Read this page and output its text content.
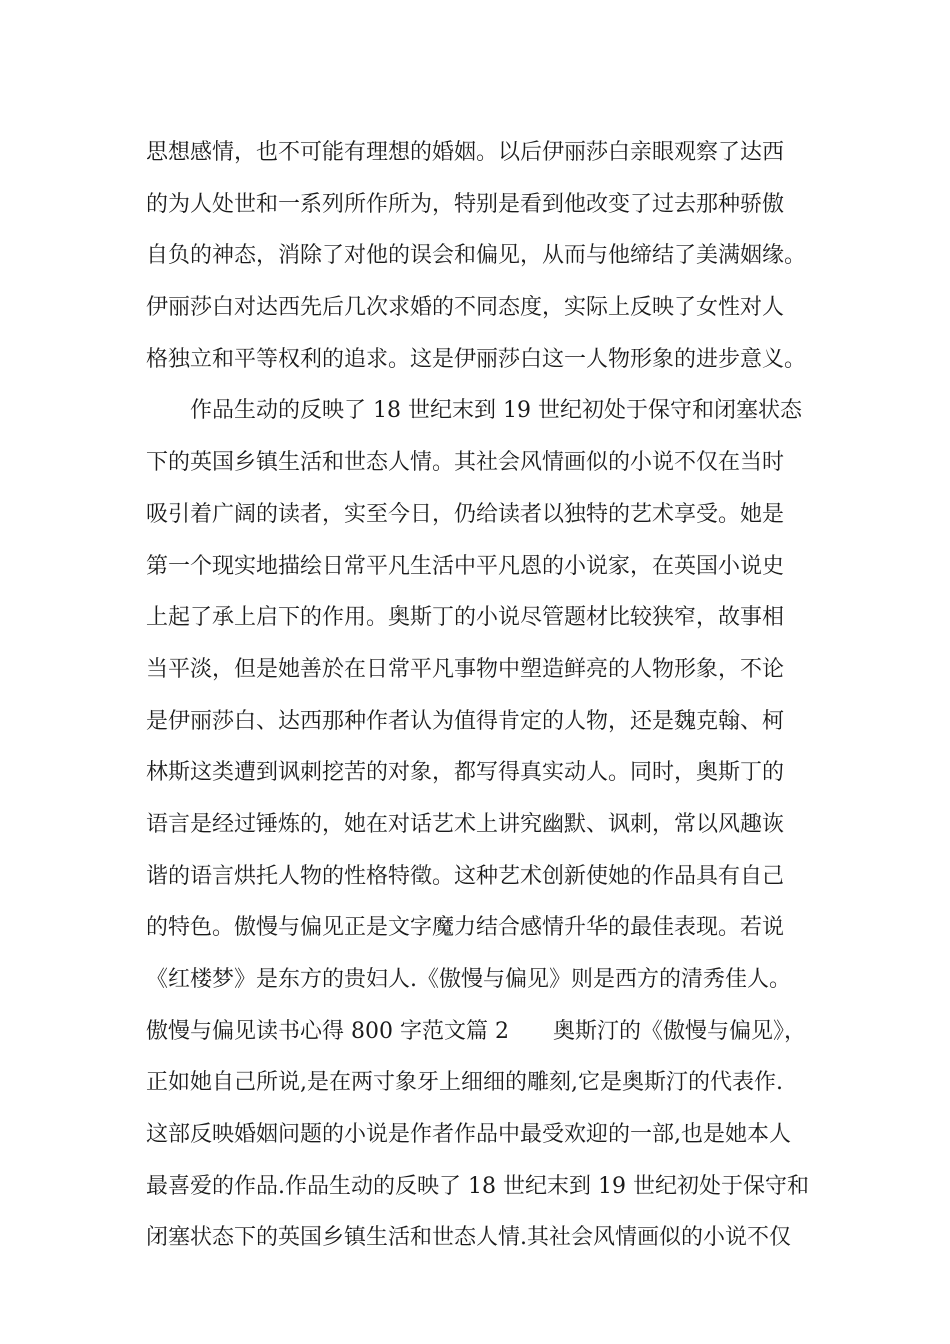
思想感情，也不可能有理想的婚姻。以后伊丽莎白亲眼观察了达西
的为人处世和一系列所作所为，特别是看到他改变了过去那种骄傲
自负的神态，消除了对他的误会和偏见，从而与他缔结了美满姻缘。
伊丽莎白对达西先后几次求婚的不同态度，实际上反映了女性对人
格独立和平等权利的追求。这是伊丽莎白这一人物形象的进步意义。
作品生动的反映了 18 世纪末到 19 世纪初处于保守和闭塞状态
下的英国乡镇生活和世态人情。其社会风情画似的小说不仅在当时
吸引着广阔的读者，实至今日，仍给读者以独特的艺术享受。她是
第一个现实地描绘日常平凡生活中平凡恩的小说家，在英国小说史
上起了承上启下的作用。奥斯丁的小说尽管题材比较狭窄，故事相
当平淡，但是她善於在日常平凡事物中塑造鲜亮的人物形象，不论
是伊丽莎白、达西那种作者认为值得肯定的人物，还是魏克翰、柯
林斯这类遭到讽刺挖苦的对象，都写得真实动人。同时，奥斯丁的
语言是经过锤炼的，她在对话艺术上讲究幽默、讽刺，常以风趣诙
谐的语言烘托人物的性格特徵。这种艺术创新使她的作品具有自己
的特色。傲慢与偏见正是文字魔力结合感情升华的最佳表现。若说
《红楼梦》是东方的贵妇人.《傲慢与偏见》则是西方的清秀佳人。
傲慢与偏见读书心得 800 字范文篇 2　　奥斯汀的《傲慢与偏见》，
正如她自己所说,是在两寸象牙上细细的雕刻,它是奥斯汀的代表作.
这部反映婚姻问题的小说是作者作品中最受欢迎的一部,也是她本人
最喜爱的作品.作品生动的反映了 18 世纪末到 19 世纪初处于保守和
闭塞状态下的英国乡镇生活和世态人情.其社会风情画似的小说不仅
